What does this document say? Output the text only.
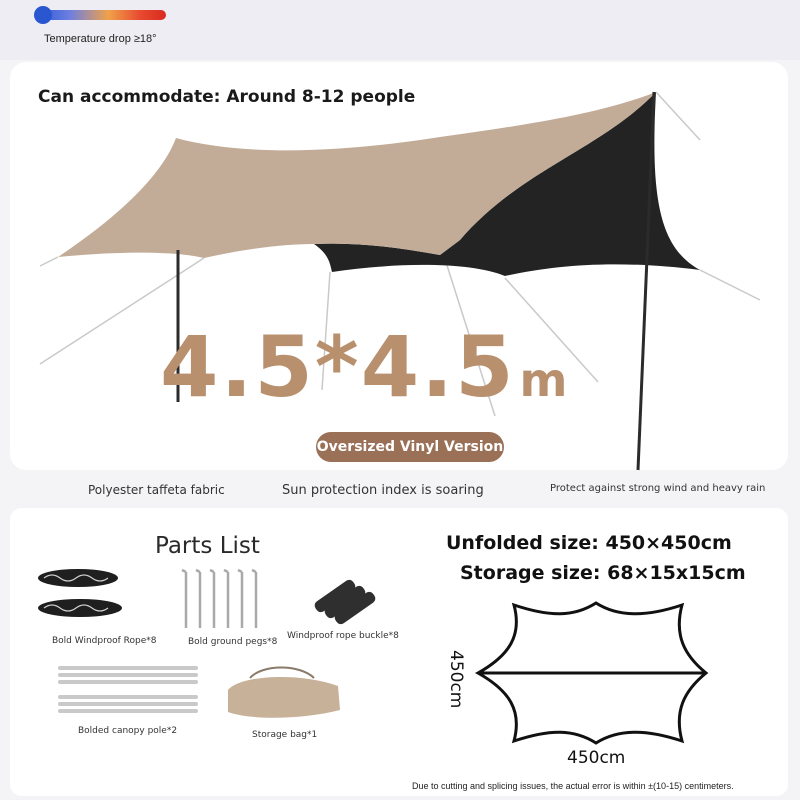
Temperature drop ≥18°
Can accommodate: Around 8-12 people
4.5*4.5m
Oversized Vinyl Version
Polyester taffeta fabric	Sun protection index is soaring	Protect against strong wind and heavy rain
Parts List
Bold Windproof Rope*8	Bold ground pegs*8
Windproof rope buckle*8
Bolded canopy pole*2	Storage bag*1
Unfolded size: 450×450cm
Storage size: 68×15x15cm
450cm
450cm
Due to cutting and splicing issues, the actual error is within ±(10-15) centimeters.
